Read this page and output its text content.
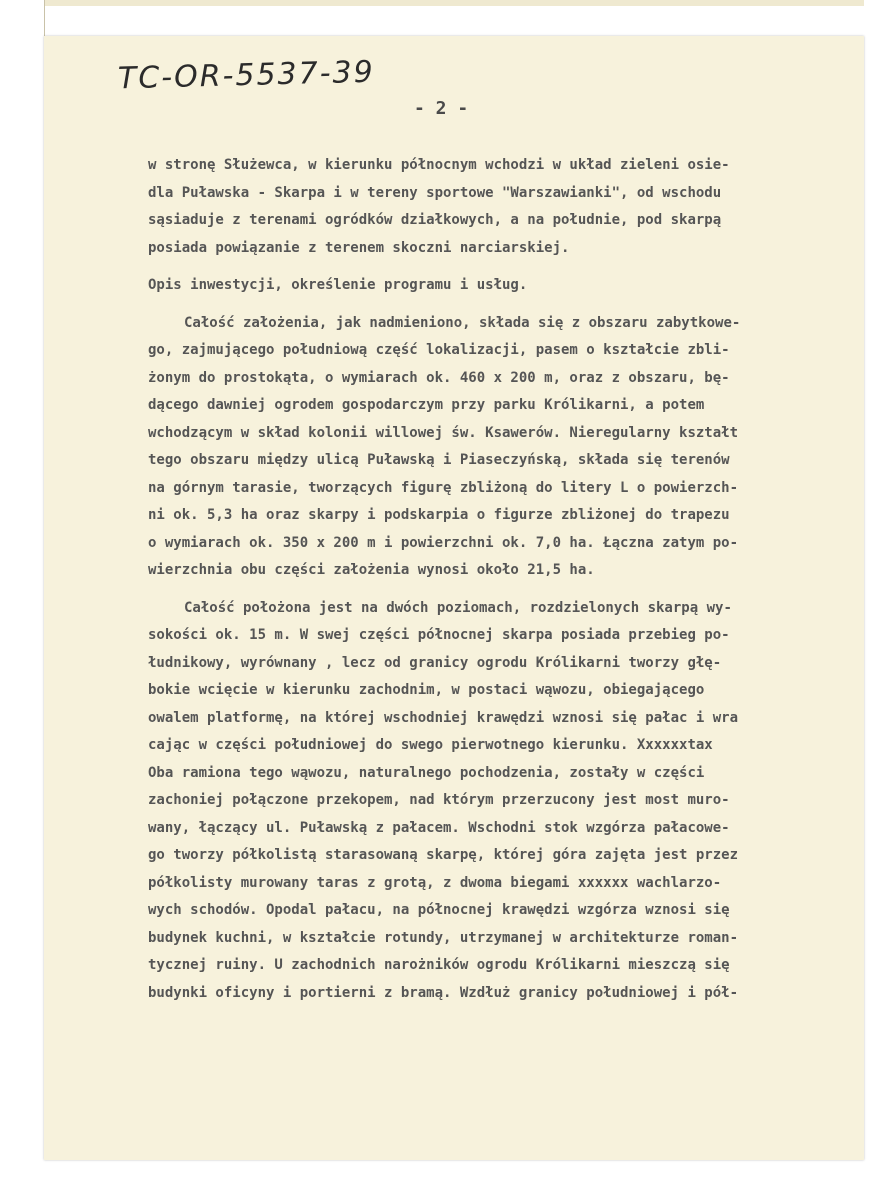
TC-OR-5537-39
- 2 -
w stronę Służewca, w kierunku północnym wchodzi w układ zieleni osie-
dla Puławska - Skarpa i w tereny sportowe "Warszawianki", od wschodu
sąsiaduje z terenami ogródków działkowych, a na południe, pod skarpą
posiada powiązanie z terenem skoczni narciarskiej.
Opis inwestycji, określenie programu i usług.
Całość założenia, jak nadmieniono, składa się z obszaru zabytkowe-
go, zajmującego południową część lokalizacji, pasem o kształcie zbli-
żonym do prostokąta, o wymiarach ok. 460 x 200 m, oraz z obszaru, bę-
dącego dawniej ogrodem gospodarczym przy parku Królikarni, a potem
wchodzącym w skład kolonii willowej św. Ksawerów. Nieregularny kształt
tego obszaru między ulicą Puławską i Piaseczyńską, składa się terenów
na górnym tarasie, tworzących figurę zbliżoną do litery L o powierzch-
ni ok. 5,3 ha oraz skarpy i podskarpia o figurze zbliżonej do trapezu
o wymiarach ok. 350 x 200 m i powierzchni ok. 7,0 ha. Łączna zatym po-
wierzchnia obu części założenia wynosi około 21,5 ha.
Całość położona jest na dwóch poziomach, rozdzielonych skarpą wy-
sokości ok. 15 m. W swej części północnej skarpa posiada przebieg po-
łudnikowy, wyrównany , lecz od granicy ogrodu Królikarni tworzy głę-
bokie wcięcie w kierunku zachodnim, w postaci wąwozu, obiegającego
owalem platformę, na której wschodniej krawędzi wznosi się pałac i wra
cając w części południowej do swego pierwotnego kierunku. Xxxxxxtax
Oba ramiona tego wąwozu, naturalnego pochodzenia, zostały w części
zachoniej połączone przekopem, nad którym przerzucony jest most muro-
wany, łączący ul. Puławską z pałacem. Wschodni stok wzgórza pałacowe-
go tworzy półkolistą starasowaną skarpę, której góra zajęta jest przez
półkolisty murowany taras z grotą, z dwoma biegami xxxxxx wachlarzo-
wych schodów. Opodal pałacu, na północnej krawędzi wzgórza wznosi się
budynek kuchni, w kształcie rotundy, utrzymanej w architekturze roman-
tycznej ruiny. U zachodnich narożników ogrodu Królikarni mieszczą się
budynki oficyny i portierni z bramą. Wzdłuż granicy południowej i pół-
